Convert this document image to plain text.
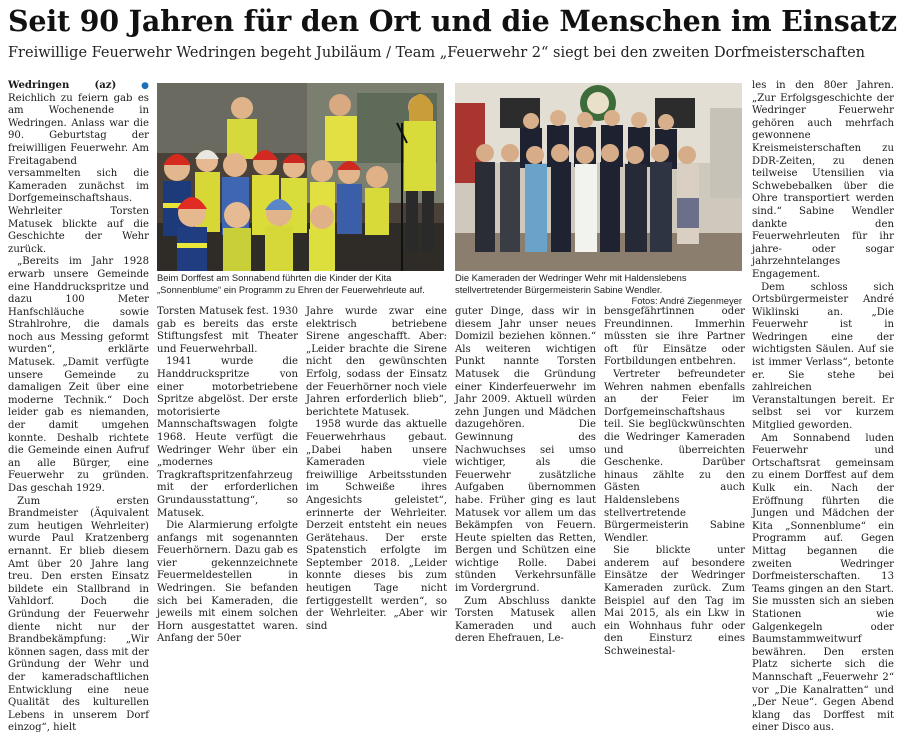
Seit 90 Jahren für den Ort und die Menschen im Einsatz
Freiwillige Feuerwehr Wedringen begeht Jubiläum / Team „Feuerwehr 2“ siegt bei den zweiten Dorfmeisterschaften

Wedringen (az)	● Reichlich zu feiern gab es am Wochenende in Wedringen. Anlass war die 90. Geburtstag der freiwilligen Feuerwehr. Am Freitagabend versammelten sich die Kameraden zunächst im Dorfgemeinschaftshaus. Wehrleiter Torsten Matusek blickte auf die Geschichte der Wehr zurück.

„Bereits im Jahr 1928 erwarb unsere Gemeinde eine Handdruckspritze und dazu 100 Meter Hanfschläuche sowie Strahlrohre, die damals noch aus Messing geformt wurden“, erklärte Matusek. „Damit verfügte unsere Gemeinde zu damaligen Zeit über eine moderne Technik.“ Doch leider gab es niemanden, der damit umgehen konnte. Deshalb richtete die Gemeinde einen Aufruf an alle Bürger, eine Feuerwehr zu gründen. Das geschah 1929.

Zum ersten Brandmeister (Äquivalent zum heutigen Wehrleiter) wurde Paul Kratzenberg ernannt. Er blieb diesem Amt über 20 Jahre lang treu. Den ersten Einsatz bildete ein Stallbrand in Vahldorf. Doch die Gründung der Feuerwehr diente nicht nur der Brandbekämpfung: „Wir können sagen, dass mit der Gründung der Wehr und der kameradschaftlichen Entwicklung eine neue Qualität des kulturellen Lebens in unserem Dorf einzog“, hielt

Beim Dorffest am Sonnabend führten die Kinder der Kita „Sonnenblume“ ein Programm zu Ehren der Feuerwehrleute auf.
Die Kameraden der Wedringer Wehr mit Haldenslebens stellvertretender Bürgermeisterin Sabine Wendler.
Fotos: André Ziegenmeyer

Torsten Matusek fest. 1930 gab es bereits das erste Stiftungsfest mit Theater und Feuerwehrball.

1941 wurde die Handdruckspritze von einer motorbetriebene Spritze abgelöst. Der erste motorisierte Mannschaftswagen folgte 1968. Heute verfügt die Wedringer Wehr über ein „modernes Tragkraftspritzenfahrzeug mit der erforderlichen Grundausstattung“, so Matusek.

Die Alarmierung erfolgte anfangs mit sogenannten Feuerhörnern. Dazu gab es vier gekennzeichnete Feuermeldestellen in Wedringen. Sie befanden sich bei Kameraden, die jeweils mit einem solchen Horn ausgestattet waren. Anfang der 50er

Jahre wurde zwar eine elektrisch betriebene Sirene angeschafft. Aber: „Leider brachte die Sirene nicht den gewünschten Erfolg, sodass der Einsatz der Feuerhörner noch viele Jahren erforderlich blieb“, berichtete Matusek.

1958 wurde das aktuelle Feuerwehrhaus gebaut. „Dabei haben unsere Kameraden viele freiwillige Arbeitsstunden im Schweiße ihres Angesichts geleistet“, erinnerte der Wehrleiter. Derzeit entsteht ein neues Gerätehaus. Der erste Spatenstich erfolgte im September 2018. „Leider konnte dieses bis zum heutigen Tage nicht fertiggestellt werden“, so der Wehrleiter. „Aber wir sind

guter Dinge, dass wir in diesem Jahr unser neues Domizil beziehen können.“ Als weiteren wichtigen Punkt nannte Torsten Matusek die Gründung einer Kinderfeuerwehr im Jahr 2009. Aktuell würden zehn Jungen und Mädchen dazugehören. Die Gewinnung des Nachwuchses sei umso wichtiger, als die Feuerwehr zusätzliche Aufgaben übernommen habe. Früher ging es laut Matusek vor allem um das Bekämpfen von Feuern. Heute spielten das Retten, Bergen und Schützen eine wichtige Rolle. Dabei stünden Verkehrsunfälle im Vordergrund.

Zum Abschluss dankte Torsten Matusek allen Kameraden und auch deren Ehefrauen, Le-

bensgefährtinnen oder Freundinnen. Immerhin müssten sie ihre Partner oft für Einsätze oder Fortbildungen entbehren.

Vertreter befreundeter Wehren nahmen ebenfalls an der Feier im Dorfgemeinschaftshaus teil. Sie beglückwünschten die Wedringer Kameraden und überreichten Geschenke. Darüber hinaus zählte zu den Gästen auch Haldenslebens stellvertretende Bürgermeisterin Sabine Wendler.

Sie blickte unter anderem auf besondere Einsätze der Wedringer Kameraden zurück. Zum Beispiel auf den Tag im Mai 2015, als ein Lkw in ein Wohnhaus fuhr oder den Einsturz eines Schweinestal-

les in den 80er Jahren. „Zur Erfolgsgeschichte der Wedringer Feuerwehr gehören auch mehrfach gewonnene Kreismeisterschaften zu DDR-Zeiten, zu denen teilweise Utensilien via Schwebebalken über die Ohre transportiert werden sind.“ Sabine Wendler dankte den Feuerwehrleuten für ihr jahre- oder sogar jahrzehntelanges Engagement.

Dem schloss sich Ortsbürgermeister André Wiklinski an. „Die Feuerwehr ist in Wedringen eine der wichtigsten Säulen. Auf sie ist immer Verlass“, betonte er. Sie stehe bei zahlreichen Veranstaltungen bereit. Er selbst sei vor kurzem Mitglied geworden.

Am Sonnabend luden Feuerwehr und Ortschaftsrat gemeinsam zu einem Dorffest auf dem Kulk ein. Nach der Eröffnung führten die Jungen und Mädchen der Kita „Sonnenblume“ ein Programm auf. Gegen Mittag begannen die zweiten Wedringer Dorfmeisterschaften. 13 Teams gingen an den Start. Sie mussten sich an sieben Stationen wie Galgenkegeln oder Baumstammweitwurf bewähren. Den ersten Platz sicherte sich die Mannschaft „Feuerwehr 2“ vor „Die Kanalratten“ und „Der Neue“. Gegen Abend klang das Dorffest mit einer Disco aus.
